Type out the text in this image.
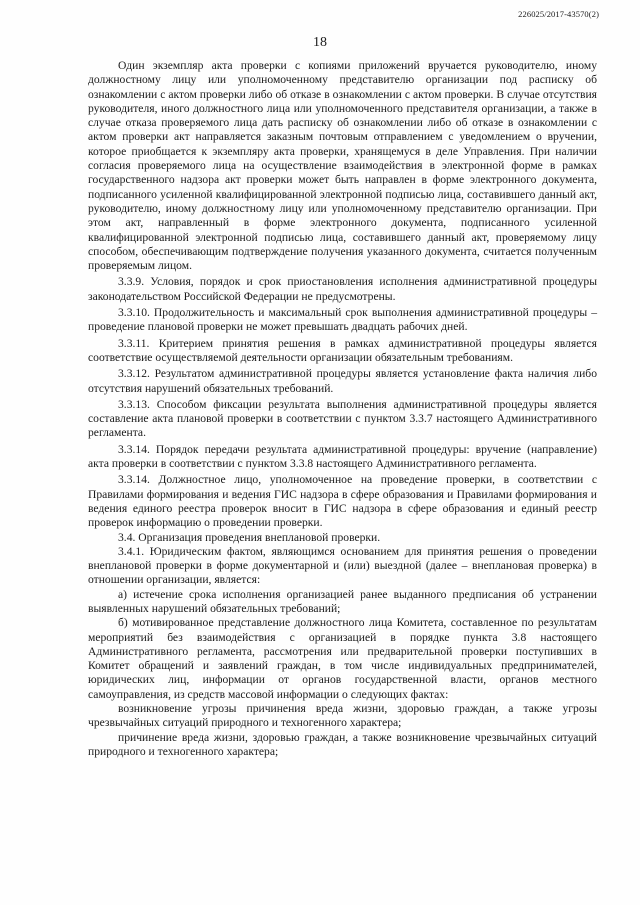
226025/2017-43570(2)
18

Один экземпляр акта проверки с копиями приложений вручается руководителю, иному должностному лицу или уполномоченному представителю организации под расписку об ознакомлении с актом проверки либо об отказе в ознакомлении с актом проверки. В случае отсутствия руководителя, иного должностного лица или уполномоченного представителя организации, а также в случае отказа проверяемого лица дать расписку об ознакомлении либо об отказе в ознакомлении с актом проверки акт направляется заказным почтовым отправлением с уведомлением о вручении, которое приобщается к экземпляру акта проверки, хранящемуся в деле Управления. При наличии согласия проверяемого лица на осуществление взаимодействия в электронной форме в рамках государственного надзора акт проверки может быть направлен в форме электронного документа, подписанного усиленной квалифицированной электронной подписью лица, составившего данный акт, руководителю, иному должностному лицу или уполномоченному представителю организации. При этом акт, направленный в форме электронного документа, подписанного усиленной квалифицированной электронной подписью лица, составившего данный акт, проверяемому лицу способом, обеспечивающим подтверждение получения указанного документа, считается полученным проверяемым лицом.

3.3.9. Условия, порядок и срок приостановления исполнения административной процедуры законодательством Российской Федерации не предусмотрены.

3.3.10. Продолжительность и максимальный срок выполнения административной процедуры – проведение плановой проверки не может превышать двадцать рабочих дней.

3.3.11. Критерием принятия решения в рамках административной процедуры является соответствие осуществляемой деятельности организации обязательным требованиям.

3.3.12. Результатом административной процедуры является установление факта наличия либо отсутствия нарушений обязательных требований.

3.3.13. Способом фиксации результата выполнения административной процедуры является составление акта плановой проверки в соответствии с пунктом 3.3.7 настоящего Административного регламента.

3.3.14. Порядок передачи результата административной процедуры: вручение (направление) акта проверки в соответствии с пунктом 3.3.8 настоящего Административного регламента.

3.3.14. Должностное лицо, уполномоченное на проведение проверки, в соответствии с Правилами формирования и ведения ГИС надзора в сфере образования и Правилами формирования и ведения единого реестра проверок вносит в ГИС надзора в сфере образования и единый реестр проверок информацию о проведении проверки.

3.4. Организация проведения внеплановой проверки.

3.4.1. Юридическим фактом, являющимся основанием для принятия решения о проведении внеплановой проверки в форме документарной и (или) выездной (далее – внеплановая проверка) в отношении организации, является:

а) истечение срока исполнения организацией ранее выданного предписания об устранении выявленных нарушений обязательных требований;

б) мотивированное представление должностного лица Комитета, составленное по результатам мероприятий без взаимодействия с организацией в порядке пункта 3.8 настоящего Административного регламента, рассмотрения или предварительной проверки поступивших в Комитет обращений и заявлений граждан, в том числе индивидуальных предпринимателей, юридических лиц, информации от органов государственной власти, органов местного самоуправления, из средств массовой информации о следующих фактах:

возникновение угрозы причинения вреда жизни, здоровью граждан, а также угрозы чрезвычайных ситуаций природного и техногенного характера;

причинение вреда жизни, здоровью граждан, а также возникновение чрезвычайных ситуаций природного и техногенного характера;
